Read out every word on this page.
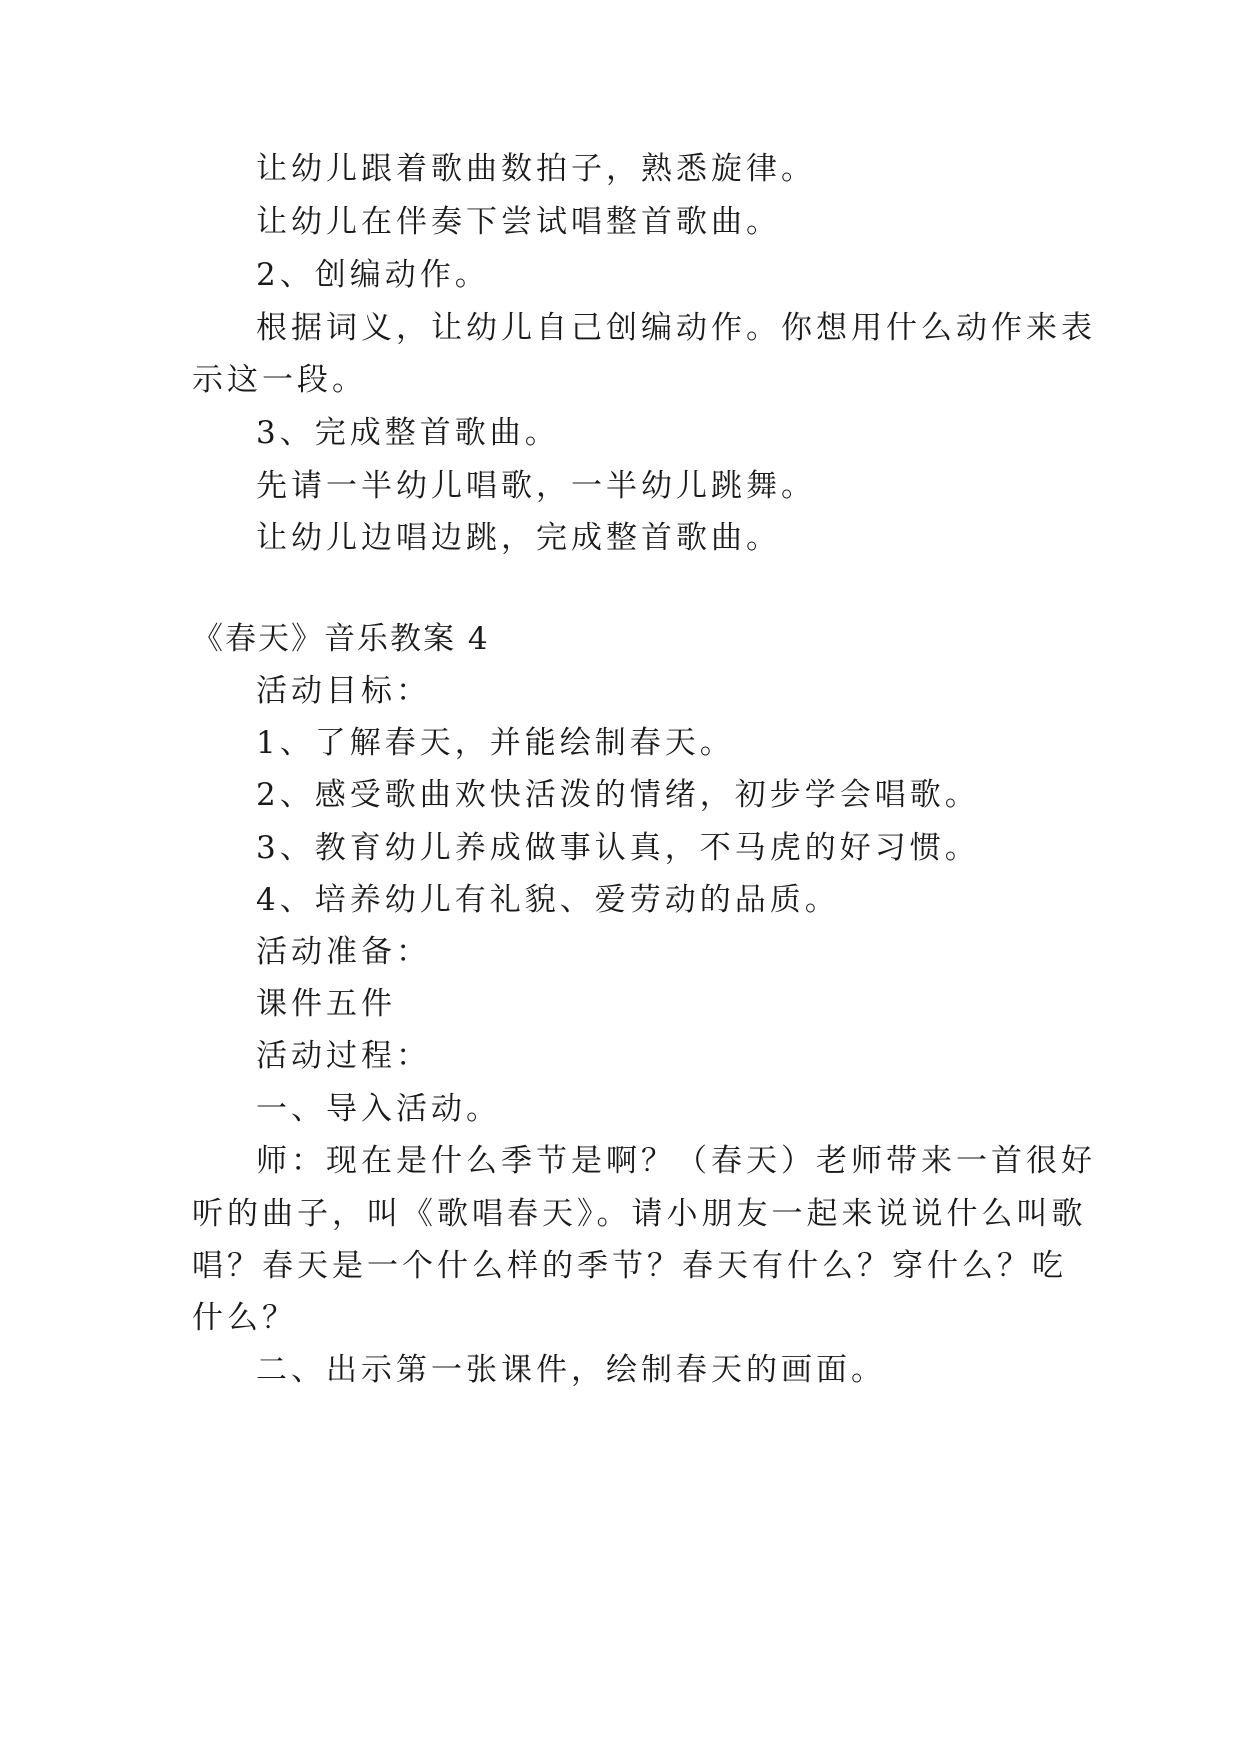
让幼儿跟着歌曲数拍子，熟悉旋律。

让幼儿在伴奏下尝试唱整首歌曲。

2、创编动作。

根据词义，让幼儿自己创编动作。你想用什么动作来表

示这一段。

3、完成整首歌曲。

先请一半幼儿唱歌，一半幼儿跳舞。

让幼儿边唱边跳，完成整首歌曲。

《春天》音乐教案 4

活动目标：

1、了解春天，并能绘制春天。

2、感受歌曲欢快活泼的情绪，初步学会唱歌。

3、教育幼儿养成做事认真，不马虎的好习惯。

4、培养幼儿有礼貌、爱劳动的品质。

活动准备：

课件五件

活动过程：

一、导入活动。

师：现在是什么季节是啊？（春天）老师带来一首很好

听的曲子，叫《歌唱春天》。请小朋友一起来说说什么叫歌

唱？春天是一个什么样的季节？春天有什么？穿什么？吃

什么？

二、出示第一张课件，绘制春天的画面。
